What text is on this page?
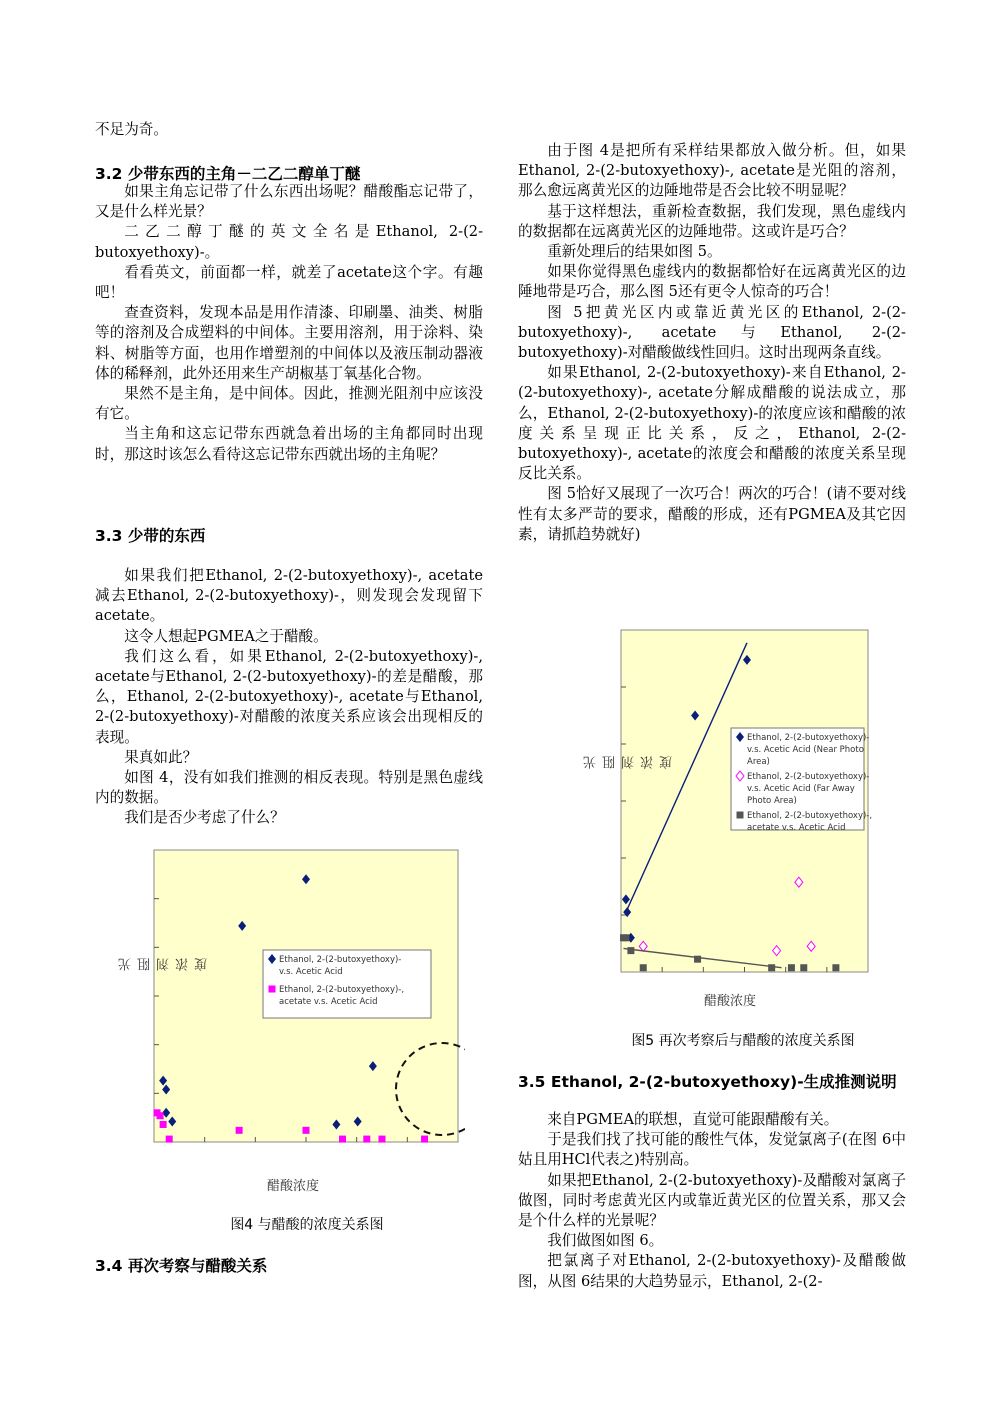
不足为奇。

3.2 少带东西的主角－二乙二醇单丁醚

如果主角忘记带了什么东西出场呢？醋酸酯忘记带了，又是什么样光景？

二乙二醇丁醚的英文全名是Ethanol, 2-(2-butoxyethoxy)-。

看看英文，前面都一样，就差了acetate这个字。有趣吧！

查查资料，发现本品是用作清漆、印刷墨、油类、树脂等的溶剂及合成塑料的中间体。主要用溶剂，用于涂料、染料、树脂等方面，也用作增塑剂的中间体以及液压制动器液体的稀释剂，此外还用来生产胡椒基丁氧基化合物。

果然不是主角，是中间体。因此，推测光阻剂中应该没有它。

当主角和这忘记带东西就急着出场的主角都同时出现时，那这时该怎么看待这忘记带东西就出场的主角呢？

3.3 少带的东西

如果我们把Ethanol, 2-(2-butoxyethoxy)-, acetate减去Ethanol, 2-(2-butoxyethoxy)-，则发现会发现留下acetate。

这令人想起PGMEA之于醋酸。

我们这么看，如果Ethanol, 2-(2-butoxyethoxy)-, acetate与Ethanol, 2-(2-butoxyethoxy)-的差是醋酸，那么，Ethanol, 2-(2-butoxyethoxy)-, acetate与Ethanol, 2-(2-butoxyethoxy)-对醋酸的浓度关系应该会出现相反的表现。

果真如此？

如图 4，没有如我们推测的相反表现。特别是黑色虚线内的数据。

我们是否少考虑了什么？

Ethanol, 2-(2-butoxyethoxy)-
v.s. Acetic Acid
Ethanol, 2-(2-butoxyethoxy)-,
acetate v.s. Acetic Acid
光阻剂浓度
醋酸浓度
图4 与醋酸的浓度关系图
3.4 再次考察与醋酸关系

由于图 4是把所有采样结果都放入做分析。但，如果Ethanol, 2-(2-butoxyethoxy)-, acetate是光阻的溶剂，那么愈远离黄光区的边陲地带是否会比较不明显呢？

基于这样想法，重新检查数据，我们发现，黑色虚线内的数据都在远离黄光区的边陲地带。这或许是巧合？

重新处理后的结果如图 5。

如果你觉得黑色虚线内的数据都恰好在远离黄光区的边陲地带是巧合，那么图 5还有更令人惊奇的巧合！

图 5把黄光区内或靠近黄光区的Ethanol, 2-(2-butoxyethoxy)-, acetate与Ethanol, 2-(2-butoxyethoxy)-对醋酸做线性回归。这时出现两条直线。

如果Ethanol, 2-(2-butoxyethoxy)-来自Ethanol, 2-(2-butoxyethoxy)-, acetate分解成醋酸的说法成立，那么，Ethanol, 2-(2-butoxyethoxy)-的浓度应该和醋酸的浓度关系呈现正比关系，反之，Ethanol, 2-(2-butoxyethoxy)-, acetate的浓度会和醋酸的浓度关系呈现反比关系。

图 5恰好又展现了一次巧合！两次的巧合！(请不要对线性有太多严苛的要求，醋酸的形成，还有PGMEA及其它因素，请抓趋势就好)

Ethanol, 2-(2-butoxyethoxy)-
v.s. Acetic Acid (Near Photo
Area)
Ethanol, 2-(2-butoxyethoxy)-
v.s. Acetic Acid (Far Away
Photo Area)
Ethanol, 2-(2-butoxyethoxy)-,
acetate v.s. Acetic Acid
光阻剂浓度
醋酸浓度
图5 再次考察后与醋酸的浓度关系图
3.5 Ethanol, 2-(2-butoxyethoxy)-生成推测说明

来自PGMEA的联想，直觉可能跟醋酸有关。

于是我们找了找可能的酸性气体，发觉氯离子(在图 6中姑且用HCl代表之)特别高。

如果把Ethanol, 2-(2-butoxyethoxy)-及醋酸对氯离子做图，同时考虑黄光区内或靠近黄光区的位置关系，那又会是个什么样的光景呢？

我们做图如图 6。

把氯离子对Ethanol, 2-(2-butoxyethoxy)-及醋酸做图，从图 6结果的大趋势显示，Ethanol, 2-(2-
